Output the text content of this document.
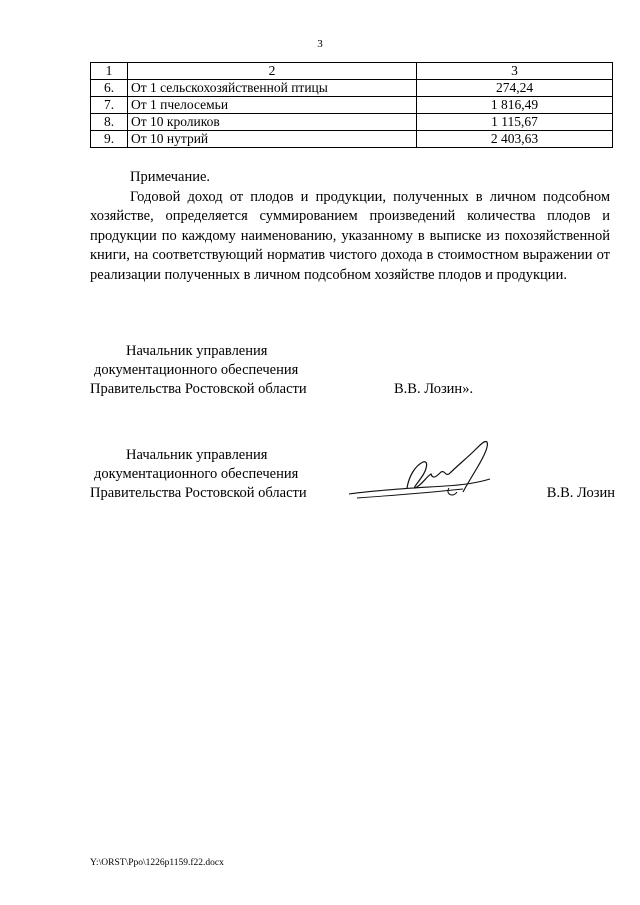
3
1	2	3
6.	От 1 сельскохозяйственной птицы	274,24
7.	От 1 пчелосемьи	1 816,49
8.	От 10 кроликов	1 115,67
9.	От 10 нутрий	2 403,63
Примечание.
Годовой доход от плодов и продукции, полученных в личном подсобном хозяйстве, определяется суммированием произведений количества плодов и продукции по каждому наименованию, указанному в выписке из похозяйственной книги, на соответствующий норматив чистого дохода в стоимостном выражении от реализации полученных в личном подсобном хозяйстве плодов и продукции.
Начальник управления
документационного обеспечения
Правительства Ростовской области	В.В. Лозин».
Начальник управления
документационного обеспечения
Правительства Ростовской области	В.В. Лозин
Y:\ORST\Ppo\1226p1159.f22.docx
